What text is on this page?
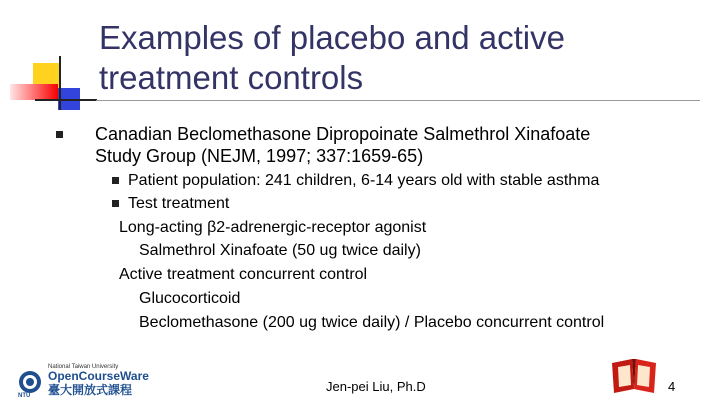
Examples of placebo and active
treatment controls
Canadian Beclomethasone Dipropoinate Salmethrol Xinafoate
Study Group (NEJM, 1997; 337:1659-65)
Patient population: 241 children, 6-14 years old with stable asthma
Test treatment
Long-acting β2-adrenergic-receptor agonist
Salmethrol Xinafoate (50 ug twice daily)
Active treatment concurrent control
Glucocorticoid
Beclomethasone (200 ug twice daily) / Placebo concurrent control
NTU
National Taiwan University
OpenCourseWare
臺大開放式課程	Jen-pei Liu, Ph.D	4
